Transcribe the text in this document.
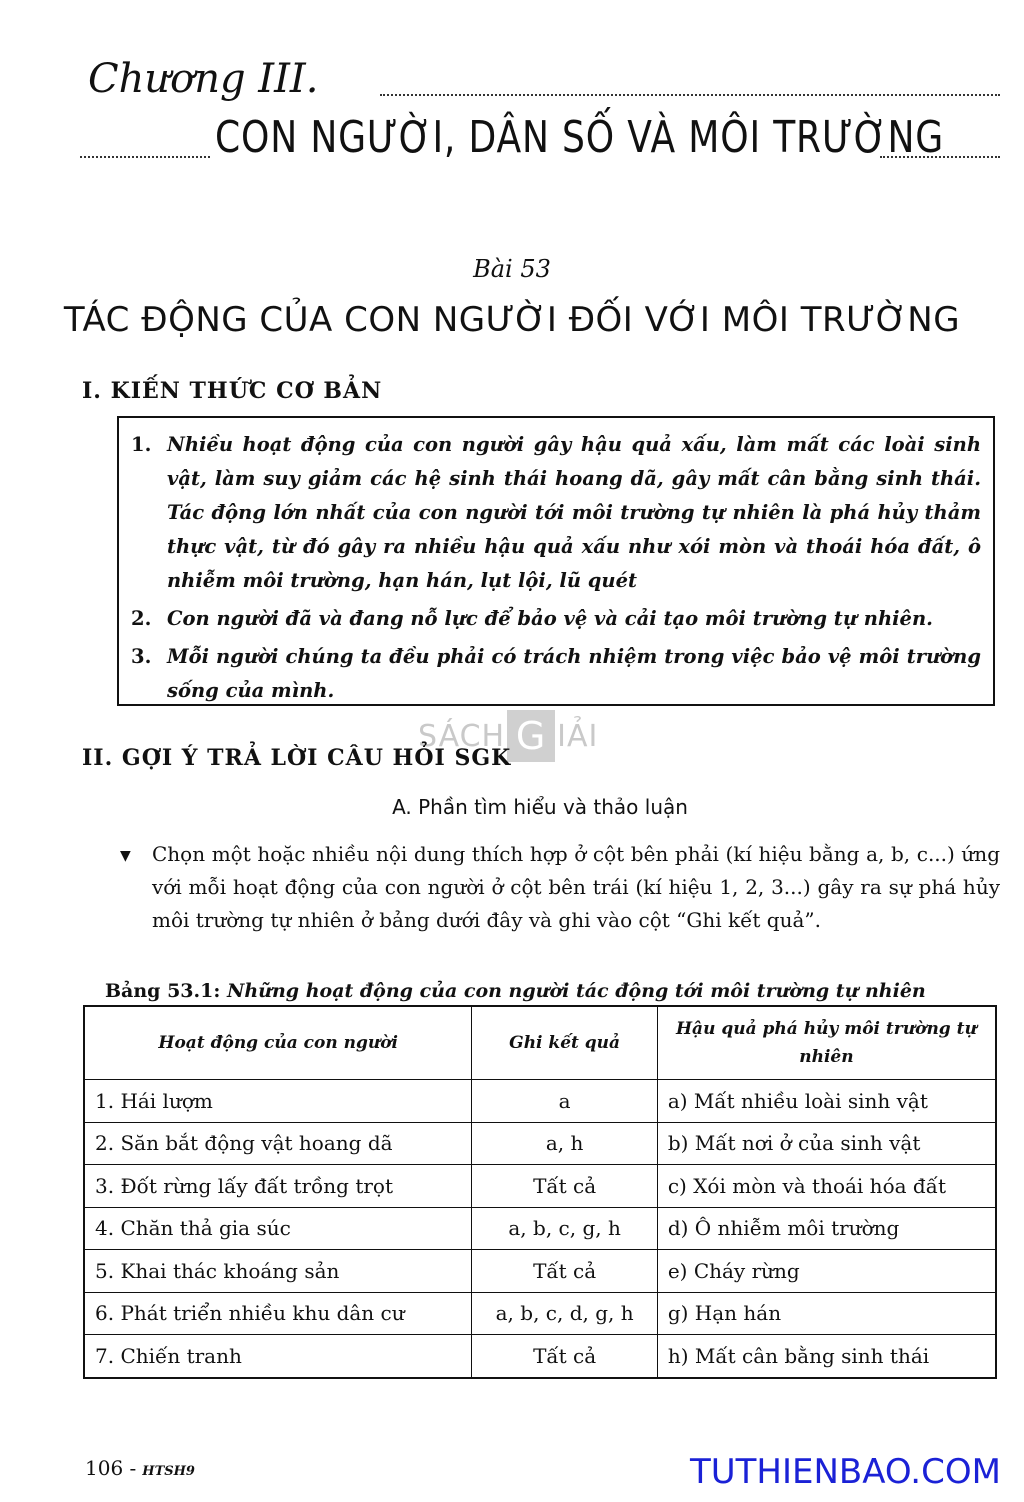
Chương III.
CON NGƯỜI, DÂN SỐ VÀ MÔI TRƯỜNG
Bài 53
TÁC ĐỘNG CỦA CON NGƯỜI ĐỐI VỚI MÔI TRƯỜNG
I. KIẾN THỨC CƠ BẢN
1. Nhiều hoạt động của con người gây hậu quả xấu, làm mất các loài sinh vật, làm suy giảm các hệ sinh thái hoang dã, gây mất cân bằng sinh thái. Tác động lớn nhất của con người tới môi trường tự nhiên là phá hủy thảm thực vật, từ đó gây ra nhiều hậu quả xấu như xói mòn và thoái hóa đất, ô nhiễm môi trường, hạn hán, lụt lội, lũ quét
2. Con người đã và đang nỗ lực để bảo vệ và cải tạo môi trường tự nhiên.
3. Mỗi người chúng ta đều phải có trách nhiệm trong việc bảo vệ môi trường sống của mình.
SÁCH G IẢI
II. GỢI Ý TRẢ LỜI CÂU HỎI SGK
A. Phần tìm hiểu và thảo luận
▼	Chọn một hoặc nhiều nội dung thích hợp ở cột bên phải (kí hiệu bằng a, b, c...) ứng với mỗi hoạt động của con người ở cột bên trái (kí hiệu 1, 2, 3...) gây ra sự phá hủy môi trường tự nhiên ở bảng dưới đây và ghi vào cột “Ghi kết quả”.
Bảng 53.1: Những hoạt động của con người tác động tới môi trường tự nhiên
Hoạt động của con người	Ghi kết quả	Hậu quả phá hủy môi trường tự nhiên
1. Hái lượm	a	a) Mất nhiều loài sinh vật
2. Săn bắt động vật hoang dã	a, h	b) Mất nơi ở của sinh vật
3. Đốt rừng lấy đất trồng trọt	Tất cả	c) Xói mòn và thoái hóa đất
4. Chăn thả gia súc	a, b, c, g, h	d) Ô nhiễm môi trường
5. Khai thác khoáng sản	Tất cả	e) Cháy rừng
6. Phát triển nhiều khu dân cư	a, b, c, d, g, h	g) Hạn hán
7. Chiến tranh	Tất cả	h) Mất cân bằng sinh thái
106 - HTSH9	TUTHIENBAO.COM
